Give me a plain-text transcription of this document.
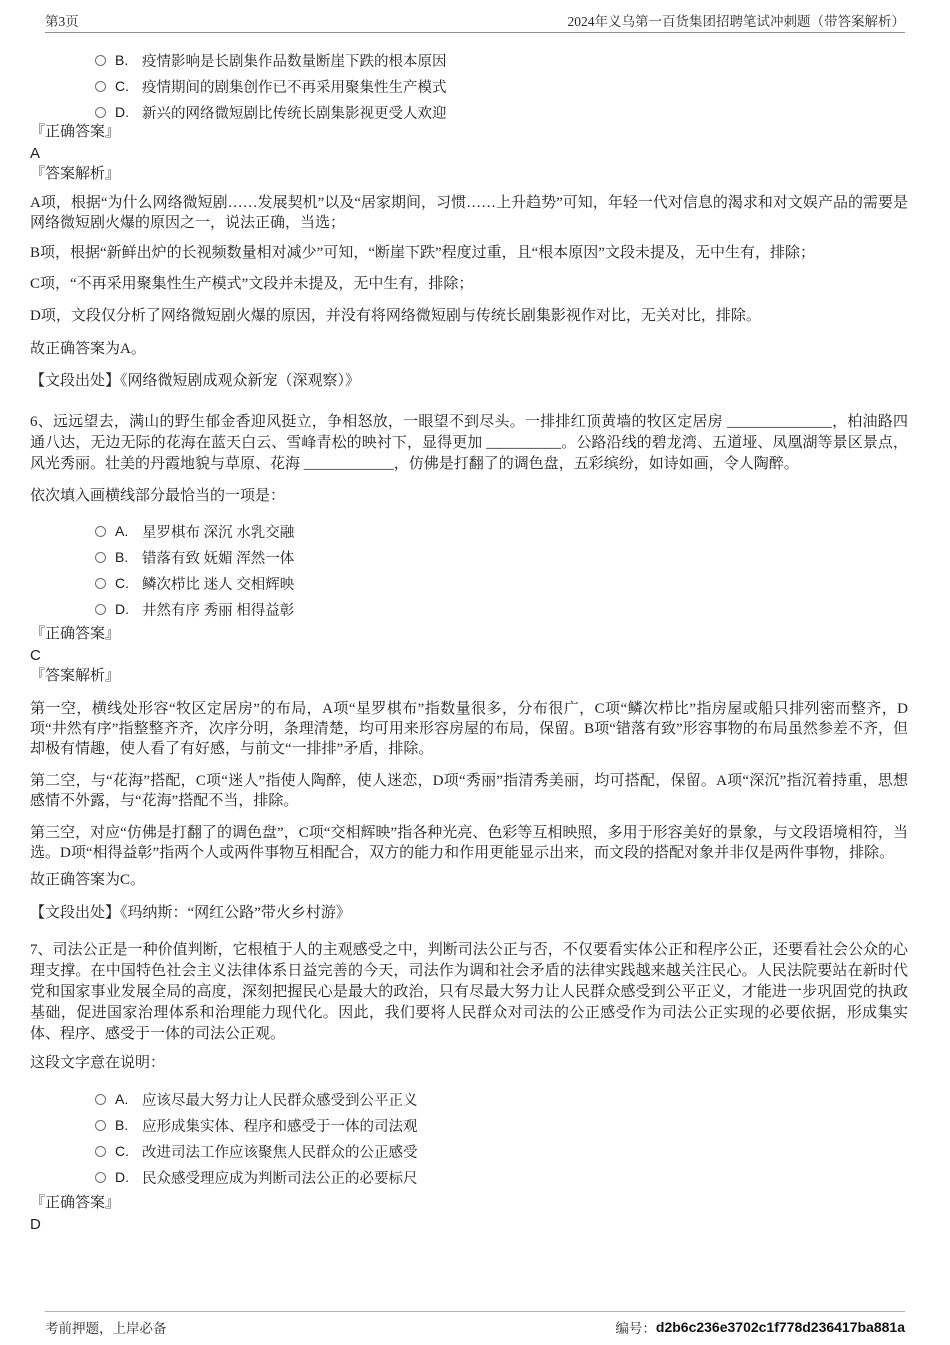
第3页	2024年义乌第一百货集团招聘笔试冲刺题（带答案解析）
B. 疫情影响是长剧集作品数量断崖下跌的根本原因
C. 疫情期间的剧集创作已不再采用聚集性生产模式
D. 新兴的网络微短剧比传统长剧集影视更受人欢迎
『正确答案』
A
『答案解析』

A项，根据“为什么网络微短剧……发展契机”以及“居家期间，习惯……上升趋势”可知，年轻一代对信息的渴求和对文娱产品的需要是网络微短剧火爆的原因之一，说法正确，当选；

B项，根据“新鲜出炉的长视频数量相对减少”可知，“断崖下跌”程度过重，且“根本原因”文段未提及，无中生有，排除；

C项，“不再采用聚集性生产模式”文段并未提及，无中生有，排除；

D项，文段仅分析了网络微短剧火爆的原因，并没有将网络微短剧与传统长剧集影视作对比，无关对比，排除。

故正确答案为A。

【文段出处】《网络微短剧成观众新宠（深观察）》

6、远远望去，满山的野生郁金香迎风挺立，争相怒放，一眼望不到尽头。一排排红顶黄墙的牧区定居房 ______________，柏油路四通八达，无边无际的花海在蓝天白云、雪峰青松的映衬下，显得更加 __________。公路沿线的碧龙湾、五道垭、凤凰湖等景区景点，风光秀丽。壮美的丹霞地貌与草原、花海 ____________，仿佛是打翻了的调色盘，五彩缤纷，如诗如画，令人陶醉。

依次填入画横线部分最恰当的一项是：

A. 星罗棋布 深沉 水乳交融
B. 错落有致 妩媚 浑然一体
C. 鳞次栉比 迷人 交相辉映
D. 井然有序 秀丽 相得益彰
『正确答案』
C
『答案解析』

第一空，横线处形容“牧区定居房”的布局，A项“星罗棋布”指数量很多，分布很广，C项“鳞次栉比”指房屋或船只排列密而整齐，D项“井然有序”指整整齐齐，次序分明，条理清楚，均可用来形容房屋的布局，保留。B项“错落有致”形容事物的布局虽然参差不齐，但却极有情趣，使人看了有好感，与前文“一排排”矛盾，排除。

第二空，与“花海”搭配，C项“迷人”指使人陶醉，使人迷恋，D项“秀丽”指清秀美丽，均可搭配，保留。A项“深沉”指沉着持重，思想感情不外露，与“花海”搭配不当，排除。

第三空，对应“仿佛是打翻了的调色盘”，C项“交相辉映”指各种光亮、色彩等互相映照，多用于形容美好的景象，与文段语境相符，当选。D项“相得益彰”指两个人或两件事物互相配合，双方的能力和作用更能显示出来，而文段的搭配对象并非仅是两件事物，排除。

故正确答案为C。

【文段出处】《玛纳斯：“网红公路”带火乡村游》

7、司法公正是一种价值判断，它根植于人的主观感受之中，判断司法公正与否，不仅要看实体公正和程序公正，还要看社会公众的心理支撑。在中国特色社会主义法律体系日益完善的今天，司法作为调和社会矛盾的法律实践越来越关注民心。人民法院要站在新时代党和国家事业发展全局的高度，深刻把握民心是最大的政治，只有尽最大努力让人民群众感受到公平正义，才能进一步巩固党的执政基础，促进国家治理体系和治理能力现代化。因此，我们要将人民群众对司法的公正感受作为司法公正实现的必要依据，形成集实体、程序、感受于一体的司法公正观。

这段文字意在说明：

A. 应该尽最大努力让人民群众感受到公平正义
B. 应形成集实体、程序和感受于一体的司法观
C. 改进司法工作应该聚焦人民群众的公正感受
D. 民众感受理应成为判断司法公正的必要标尺
『正确答案』
D
考前押题，上岸必备	编号： d2b6c236e3702c1f778d236417ba881a
